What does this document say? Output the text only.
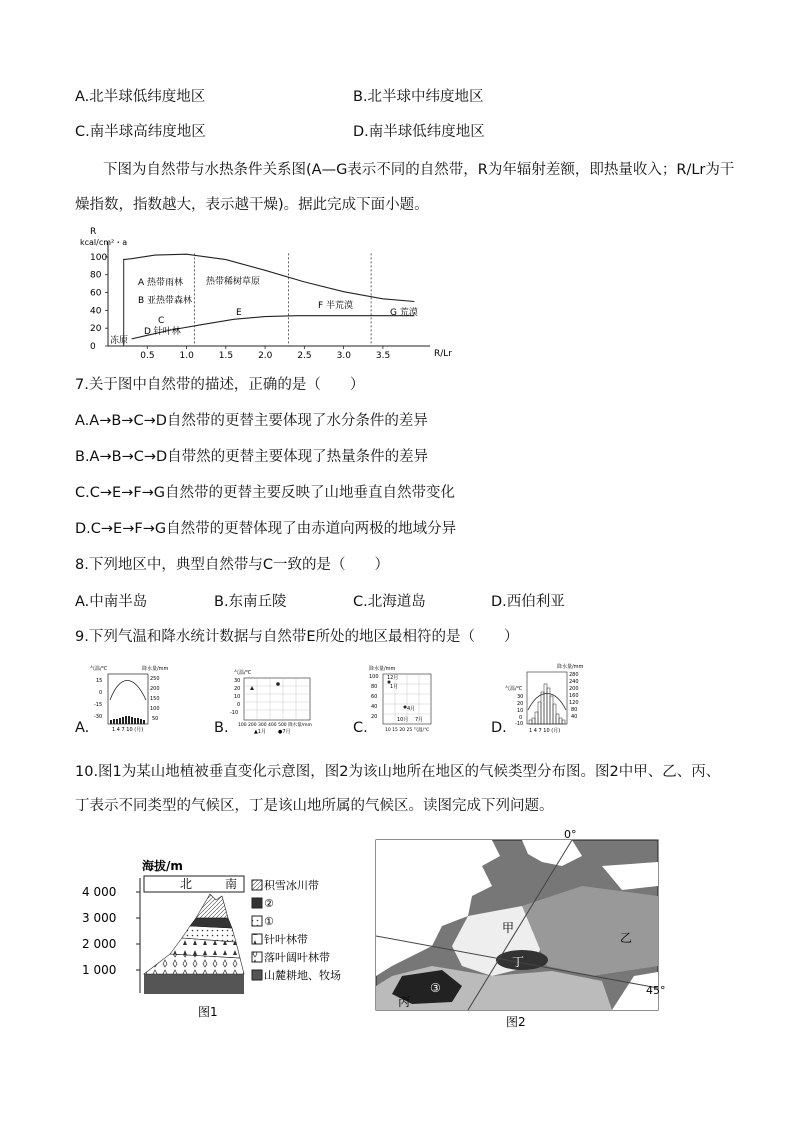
A.北半球低纬度地区	B.北半球中纬度地区
C.南半球高纬度地区	D.南半球低纬度地区
下图为自然带与水热条件关系图(A—G表示不同的自然带，R为年辐射差额，即热量收入；R/Lr为干
燥指数，指数越大，表示越干燥)。据此完成下面小题。
R
kcal/cm²・a
R/Lr
100
80
60
40
20
0
0.5	1.0	1.5	2.0	2.5	3.0	3.5
A 热带雨林
B 亚热带森林
C
D 针叶林
冻原
热带稀树草原
E
F 半荒漠
G 荒漠
7.关于图中自然带的描述，正确的是（　　）
A.A→B→C→D自然带的更替主要体现了水分条件的差异
B.A→B→C→D自带然的更替主要体现了热量条件的差异
C.C→E→F→G自然带的更替主要反映了山地垂直自然带变化
D.C→E→F→G自然带的更替体现了由赤道向两极的地域分异
8.下列地区中，典型自然带与C一致的是（　　）
A.中南半岛	B.东南丘陵	C.北海道岛	D.西伯利亚
9.下列气温和降水统计数据与自然带E所处的地区最相符的是（　　）
A.	B.	C.	D.
气温/℃	降水量/mm
15
0
-15
-30
250
200
150
100
50
1 4 7 10 (月)
气温/℃
30
20
10
0
-10
100 200 300 400 500 降水量/mm
▲1月 ●7月
降水量/mm
100
80
60
40
20
12月
1月
4月
10月 7月
10 15 20 25 气温/℃
降水量/mm
气温/℃
280
240
200
160
120
80
40
30
20
10
0
-10
1 4 7 10 (月)
10.图1为某山地植被垂直变化示意图，图2为该山地所在地区的气候类型分布图。图2中甲、乙、丙、
丁表示不同类型的气候区，丁是该山地所属的气候区。读图完成下列问题。
海拔/m
4 000
3 000
2 000
1 000
北	南 积雪冰川带
②
①
针叶林带
落叶阔叶林带
山麓耕地、牧场
图1
0°
45°
甲
乙
丁
丙
③
图2
